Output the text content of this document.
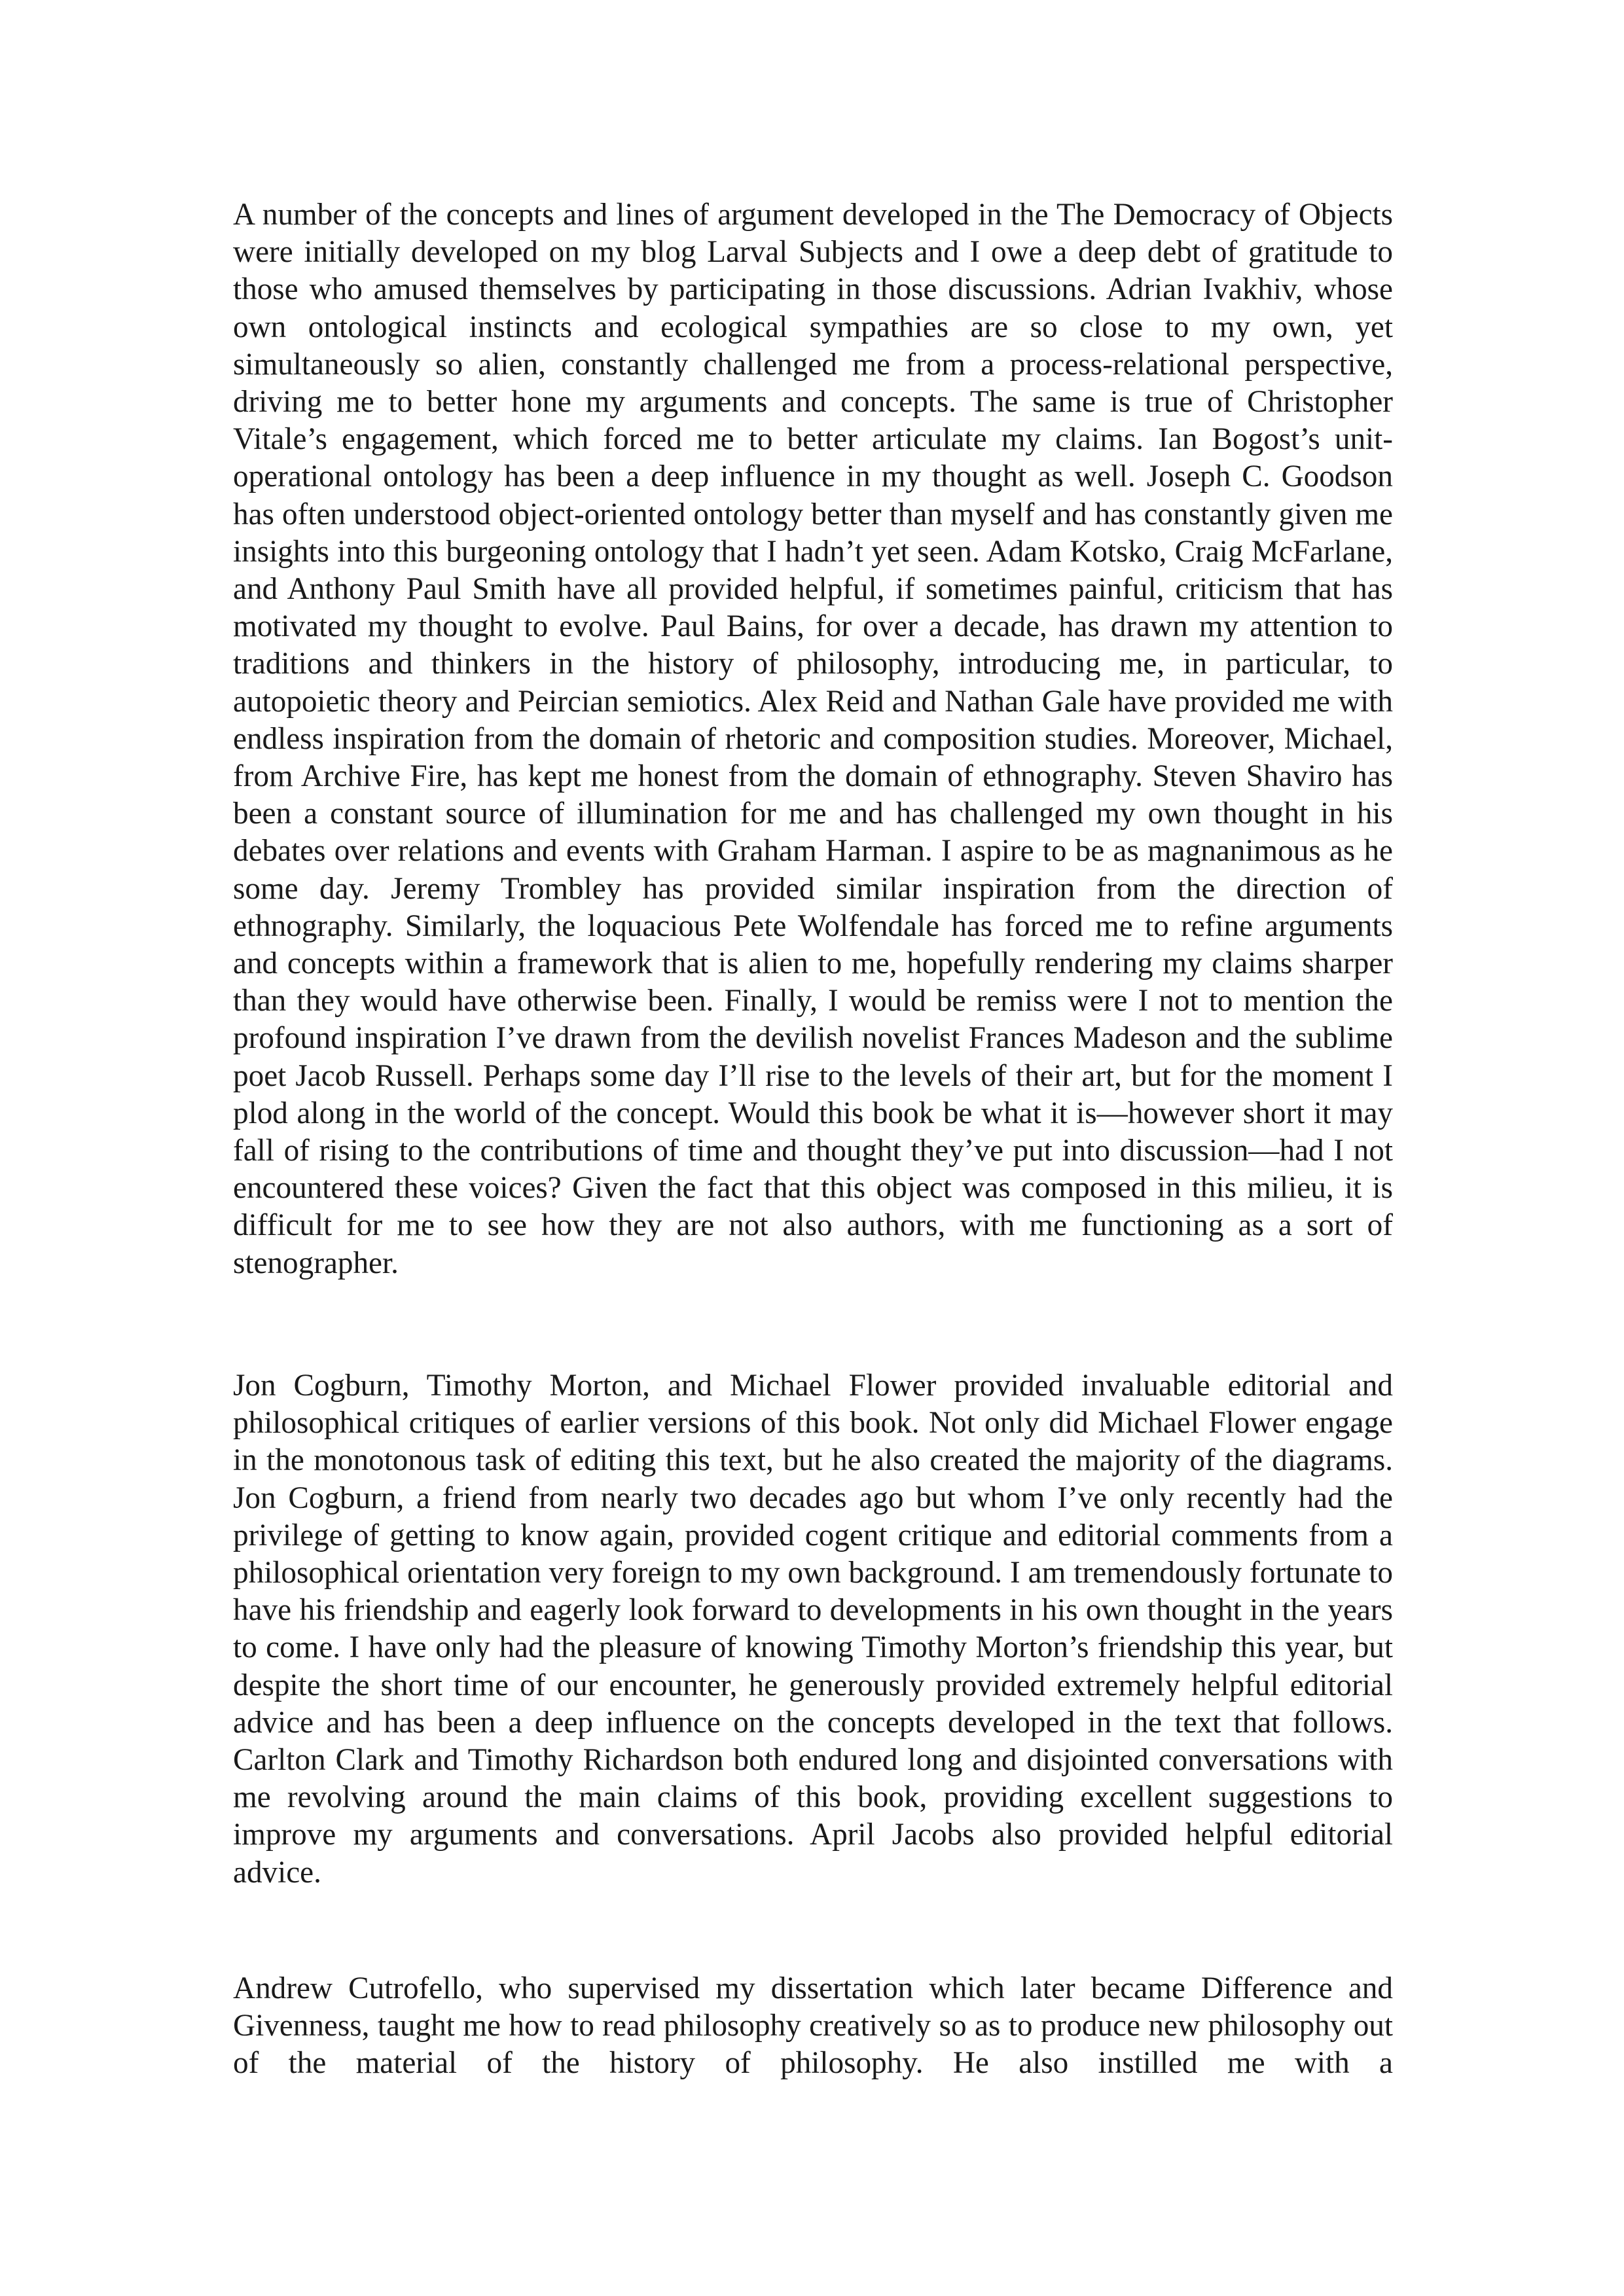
A number of the concepts and lines of argument developed in the The Democracy of Objects were initially developed on my blog Larval Subjects and I owe a deep debt of gratitude to those who amused themselves by participating in those discussions. Adrian Ivakhiv, whose own ontological instincts and ecological sympathies are so close to my own, yet simultaneously so alien, constantly challenged me from a process-relational perspective, driving me to better hone my arguments and concepts. The same is true of Christopher Vitale’s engagement, which forced me to better articulate my claims. Ian Bogost’s unit-operational ontology has been a deep influence in my thought as well. Joseph C. Goodson has often understood object-oriented ontology better than myself and has constantly given me insights into this burgeoning ontology that I hadn’t yet seen. Adam Kotsko, Craig McFarlane, and Anthony Paul Smith have all provided helpful, if sometimes painful, criticism that has motivated my thought to evolve. Paul Bains, for over a decade, has drawn my attention to traditions and thinkers in the history of philosophy, introducing me, in particular, to autopoietic theory and Peircian semiotics. Alex Reid and Nathan Gale have provided me with endless inspiration from the domain of rhetoric and composition studies. Moreover, Michael, from Archive Fire, has kept me honest from the domain of ethnography. Steven Shaviro has been a constant source of illumination for me and has challenged my own thought in his debates over relations and events with Graham Harman. I aspire to be as magnanimous as he some day. Jeremy Trombley has provided similar inspiration from the direction of ethnography. Similarly, the loquacious Pete Wolfendale has forced me to refine arguments and concepts within a framework that is alien to me, hopefully rendering my claims sharper than they would have otherwise been. Finally, I would be remiss were I not to mention the profound inspiration I’ve drawn from the devilish novelist Frances Madeson and the sublime poet Jacob Russell. Perhaps some day I’ll rise to the levels of their art, but for the moment I plod along in the world of the concept. Would this book be what it is—however short it may fall of rising to the contributions of time and thought they’ve put into discussion—had I not encountered these voices? Given the fact that this object was composed in this milieu, it is difficult for me to see how they are not also authors, with me functioning as a sort of stenographer.

Jon Cogburn, Timothy Morton, and Michael Flower provided invaluable editorial and philosophical critiques of earlier versions of this book. Not only did Michael Flower engage in the monotonous task of editing this text, but he also created the majority of the diagrams. Jon Cogburn, a friend from nearly two decades ago but whom I’ve only recently had the privilege of getting to know again, provided cogent critique and editorial comments from a philosophical orientation very foreign to my own background. I am tremendously fortunate to have his friendship and eagerly look forward to developments in his own thought in the years to come. I have only had the pleasure of knowing Timothy Morton’s friendship this year, but despite the short time of our encounter, he generously provided extremely helpful editorial advice and has been a deep influence on the concepts developed in the text that follows. Carlton Clark and Timothy Richardson both endured long and disjointed conversations with me revolving around the main claims of this book, providing excellent suggestions to improve my arguments and conversations. April Jacobs also provided helpful editorial advice.

Andrew Cutrofello, who supervised my dissertation which later became Difference and Givenness, taught me how to read philosophy creatively so as to produce new philosophy out of the material of the history of philosophy. He also instilled me with a
